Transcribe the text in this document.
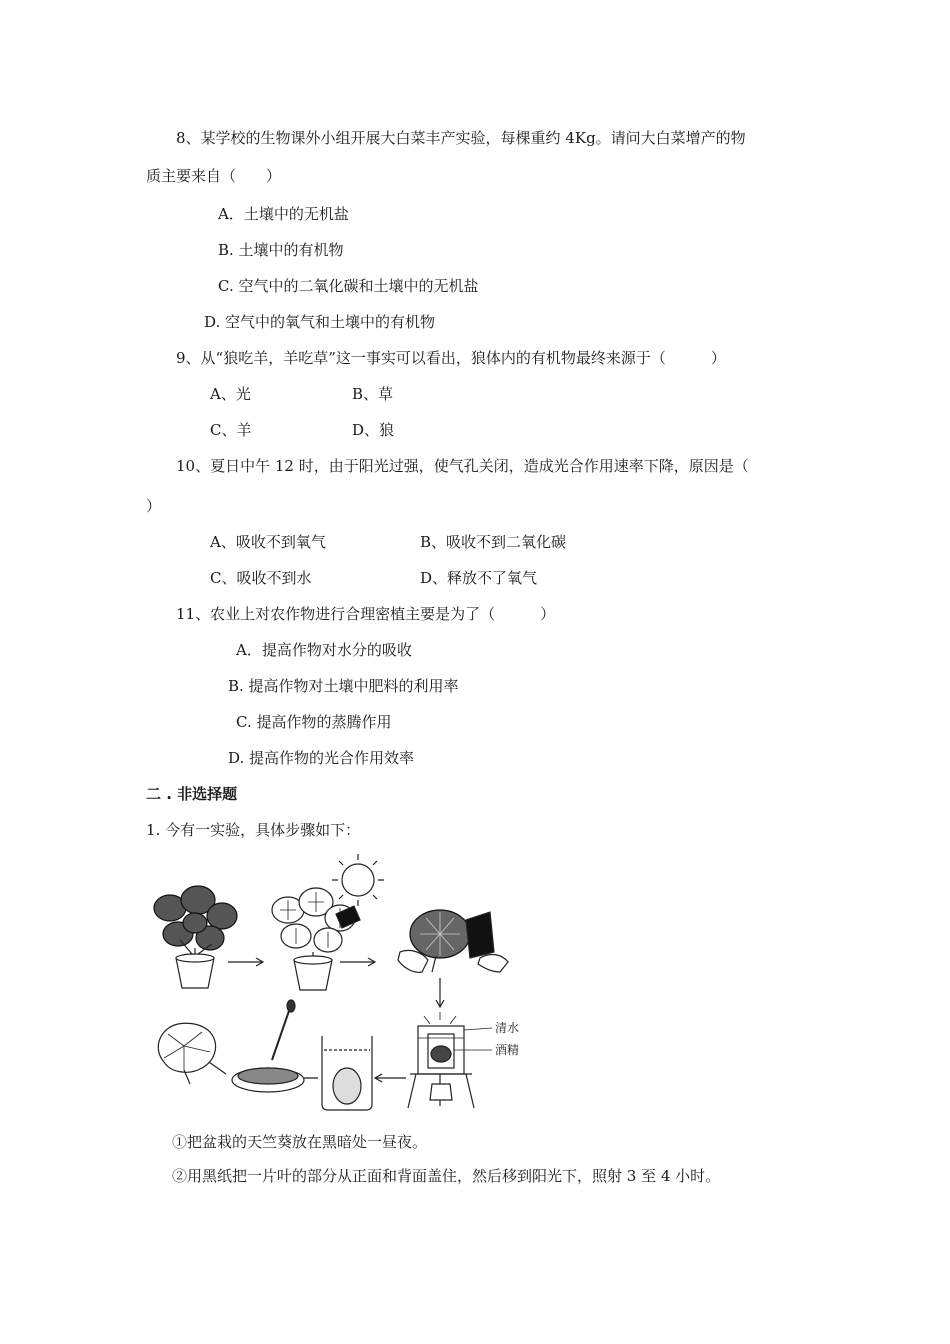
8、某学校的生物课外小组开展大白菜丰产实验，每棵重约 4Kg。请问大白菜增产的物
质主要来自（　　）
A．土壤中的无机盐
B. 土壤中的有机物
C. 空气中的二氧化碳和土壤中的无机盐
D. 空气中的氧气和土壤中的有机物
9、从“狼吃羊，羊吃草”这一事实可以看出，狼体内的有机物最终来源于（　　　）
A、光	B、草
C、羊	D、狼
10、夏日中午 12 时，由于阳光过强，使气孔关闭，造成光合作用速率下降，原因是（
）
A、吸收不到氧气	B、吸收不到二氧化碳
C、吸收不到水	D、释放不了氧气
11、农业上对农作物进行合理密植主要是为了（　　　）
A．提高作物对水分的吸收
B. 提高作物对土壤中肥料的利用率
C. 提高作物的蒸腾作用
D. 提高作物的光合作用效率
二 . 非选择题
1. 今有一实验，具体步骤如下：
清水
酒精
①把盆栽的天竺葵放在黑暗处一昼夜。
②用黑纸把一片叶的部分从正面和背面盖住，然后移到阳光下，照射 3 至 4 小时。
